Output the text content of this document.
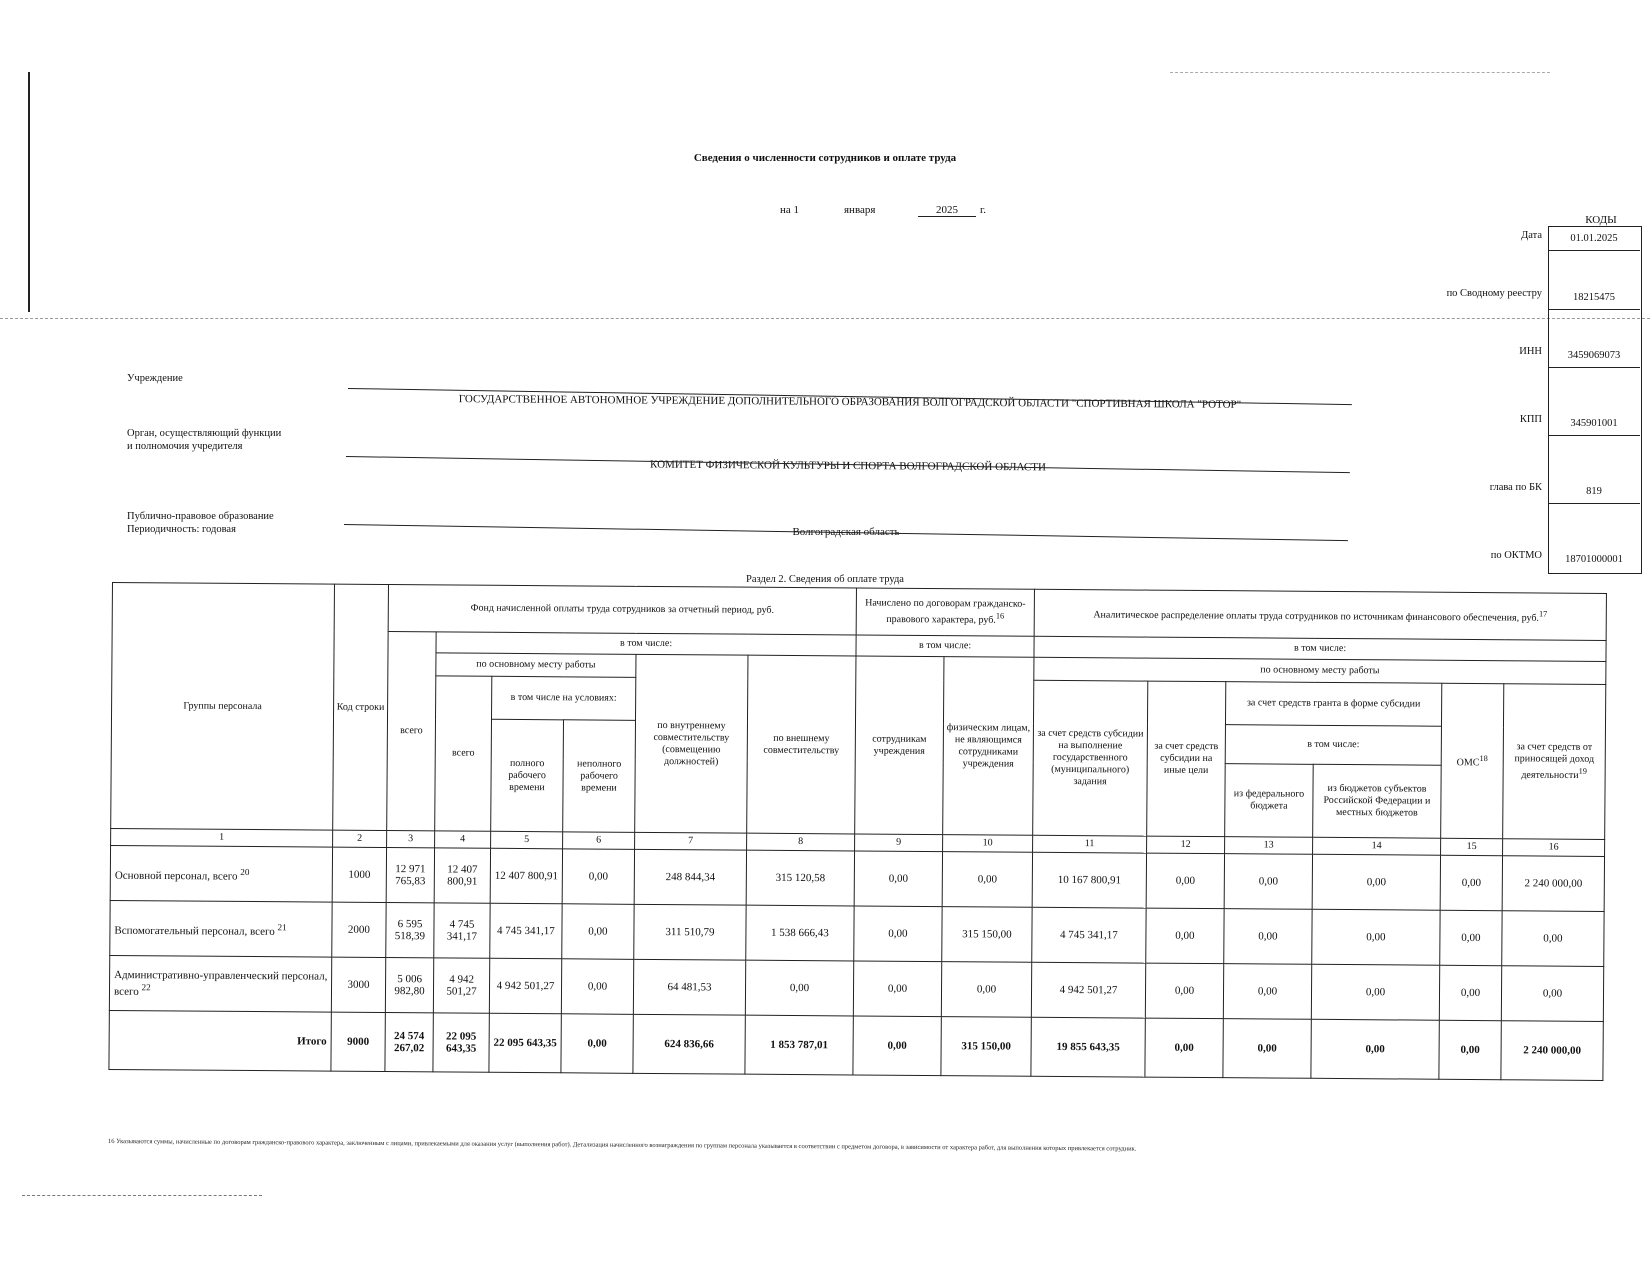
Сведения о численности сотрудников и оплате труда
на 1	января	2025	г.
КОДЫ
Дата	01.01.2025
по Сводному реестру	18215475
ИНН	3459069073
КПП	345901001
глава по БК	819
по ОКТМО	18701000001
Учреждение
ГОСУДАРСТВЕННОЕ АВТОНОМНОЕ УЧРЕЖДЕНИЕ ДОПОЛНИТЕЛЬНОГО ОБРАЗОВАНИЯ ВОЛГОГРАДСКОЙ ОБЛАСТИ "СПОРТИВНАЯ ШКОЛА "РОТОР"
Орган, осуществляющий функции
и полномочия учредителя
КОМИТЕТ ФИЗИЧЕСКОЙ КУЛЬТУРЫ И СПОРТА ВОЛГОГРАДСКОЙ ОБЛАСТИ
Публично-правовое образование
Периодичность: годовая	Волгоградская область
Раздел 2. Сведения об оплате труда
Группы персонала	Код строки	Фонд начисленной оплаты труда сотрудников за отчетный период, руб.						Начислено по договорам гражданско-правового характера, руб.$^{16}$		Аналитическое распределение оплаты труда сотрудников по источникам финансового обеспечения, руб.$^{17}$
		всего	в том числе:					в том числе:		в том числе:					
			по основному месту работы			по внутреннему совместительству (совмещению должностей)	по внешнему совместительству	сотрудникам учреждения	физическим лицам, не являющимся сотрудниками учреждения	по основному месту работы					
			всего	в том числе на условиях:						за счет средств субсидии на выполнение государственного (муниципального) задания	за счет средств субсидии на иные цели	за счет средств гранта в форме субсидии		ОМС$^{18}$	за счет средств от приносящей доход деятельности$^{19}$
				полного рабочего времени	неполного рабочего времени							в том числе:			
												из федерального бюджета	из бюджетов субъектов Российской Федерации и местных бюджетов		

1	2	3	4	5	6	7	8	9	10	11	12	13	14	15	16
Основной персонал, всего $^{20}$	1000	12 971 765,83	12 407 800,91	12 407 800,91	0,00	248 844,34	315 120,58	0,00	0,00	10 167 800,91	0,00	0,00	0,00	0,00	2 240 000,00
Вспомогательный персонал, всего $^{21}$	2000	6 595 518,39	4 745 341,17	4 745 341,17	0,00	311 510,79	1 538 666,43	0,00	315 150,00	4 745 341,17	0,00	0,00	0,00	0,00	0,00
Административно-управленческий персонал, всего $^{22}$	3000	5 006 982,80	4 942 501,27	4 942 501,27	0,00	64 481,53	0,00	0,00	0,00	4 942 501,27	0,00	0,00	0,00	0,00	0,00
Итого	9000	24 574 267,02	22 095 643,35	22 095 643,35	0,00	624 836,66	1 853 787,01	0,00	315 150,00	19 855 643,35	0,00	0,00	0,00	0,00	2 240 000,00
16 Указываются суммы, начисленные по договорам гражданско-правового характера, заключенным с лицами, привлекаемыми для оказания услуг (выполнения работ). Детализация начисленного вознаграждения по группам персонала указывается в соответствии с предметом договора, в зависимости от характера работ, для выполнения которых привлекается сотрудник.
